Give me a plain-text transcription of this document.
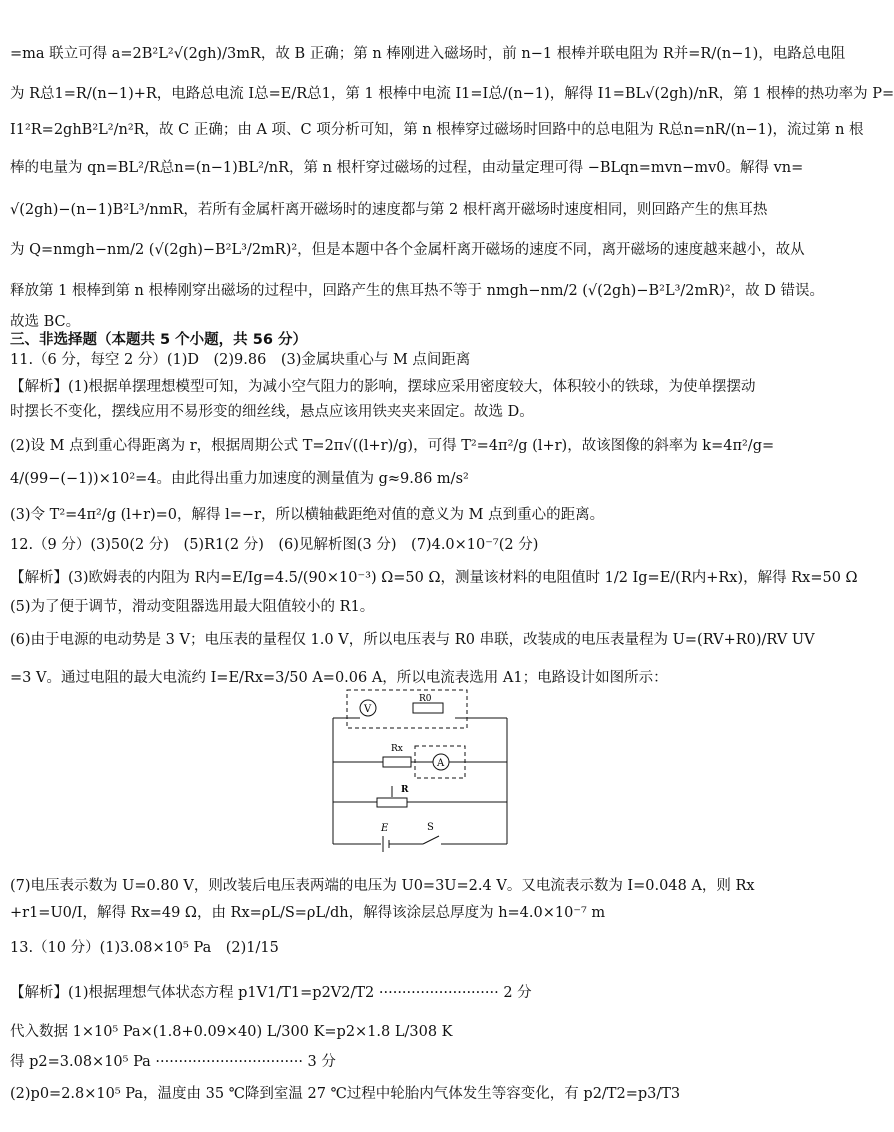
=ma 联立可得 a=2B²L²√(2gh)/3mR，故 B 正确；第 n 棒刚进入磁场时，前 n−1 根棒并联电阻为 R并=R/(n−1)，电路总电阻
为 R总1=R/(n−1)+R，电路总电流 I总=E/R总1，第 1 根棒中电流 I1=I总/(n−1)，解得 I1=BL√(2gh)/nR，第 1 根棒的热功率为 P=
I1²R=2ghB²L²/n²R，故 C 正确；由 A 项、C 项分析可知，第 n 根棒穿过磁场时回路中的总电阻为 R总n=nR/(n−1)，流过第 n 根
棒的电量为 qn=BL²/R总n=(n−1)BL²/nR，第 n 根杆穿过磁场的过程，由动量定理可得 −BLqn=mvn−mv0。解得 vn=
√(2gh)−(n−1)B²L³/nmR，若所有金属杆离开磁场时的速度都与第 2 根杆离开磁场时速度相同，则回路产生的焦耳热
为 Q=nmgh−nm/2 (√(2gh)−B²L³/2mR)²，但是本题中各个金属杆离开磁场的速度不同，离开磁场的速度越来越小，故从
释放第 1 根棒到第 n 根棒刚穿出磁场的过程中，回路产生的焦耳热不等于 nmgh−nm/2 (√(2gh)−B²L³/2mR)²，故 D 错误。
故选 BC。
三、非选择题（本题共 5 个小题，共 56 分）
11.（6 分，每空 2 分）(1)D　(2)9.86　(3)金属块重心与 M 点间距离
【解析】(1)根据单摆理想模型可知，为减小空气阻力的影响，摆球应采用密度较大，体积较小的铁球，为使单摆摆动
时摆长不变化，摆线应用不易形变的细丝线，悬点应该用铁夹夹来固定。故选 D。
(2)设 M 点到重心得距离为 r，根据周期公式 T=2π√((l+r)/g)，可得 T²=4π²/g (l+r)，故该图像的斜率为 k=4π²/g=
4/(99−(−1))×10²=4。由此得出重力加速度的测量值为 g≈9.86 m/s²
(3)令 T²=4π²/g (l+r)=0，解得 l=−r，所以横轴截距绝对值的意义为 M 点到重心的距离。
12.（9 分）(3)50(2 分)　(5)R1(2 分)　(6)见解析图(3 分)　(7)4.0×10⁻⁷(2 分)
【解析】(3)欧姆表的内阻为 R内=E/Ig=4.5/(90×10⁻³) Ω=50 Ω，测量该材料的电阻值时 1/2 Ig=E/(R内+Rx)，解得 Rx=50 Ω
(5)为了便于调节，滑动变阻器选用最大阻值较小的 R1。
(6)由于电源的电动势是 3 V；电压表的量程仅 1.0 V，所以电压表与 R0 串联，改装成的电压表量程为 U=(RV+R0)/RV UV
=3 V。通过电阻的最大电流约 I=E/Rx=3/50 A=0.06 A，所以电流表选用 A1；电路设计如图所示：
V
R0
Rx
A
R
E	S
(7)电压表示数为 U=0.80 V，则改装后电压表两端的电压为 U0=3U=2.4 V。又电流表示数为 I=0.048 A，则 Rx
+r1=U0/I，解得 Rx=49 Ω，由 Rx=ρL/S=ρL/dh，解得该涂层总厚度为 h=4.0×10⁻⁷ m
13.（10 分）(1)3.08×10⁵ Pa　(2)1/15
【解析】(1)根据理想气体状态方程 p1V1/T1=p2V2/T2 ·························· 2 分
代入数据 1×10⁵ Pa×(1.8+0.09×40) L/300 K=p2×1.8 L/308 K
得 p2=3.08×10⁵ Pa ································ 3 分
(2)p0=2.8×10⁵ Pa，温度由 35 ℃降到室温 27 ℃过程中轮胎内气体发生等容变化，有 p2/T2=p3/T3
